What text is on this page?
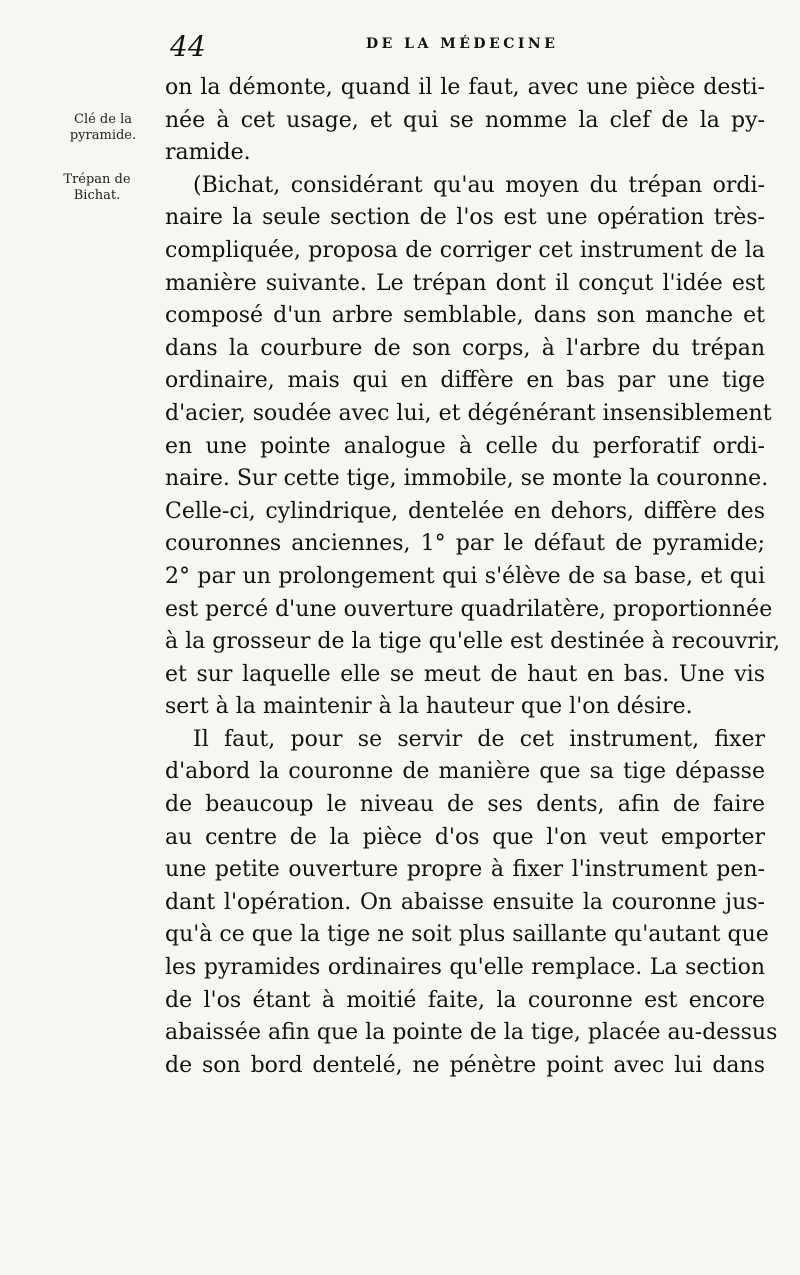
44	DE LA MÉDECINE
Clé de la pyramide.
Trépan de Bichat.
on la démonte, quand il le faut, avec une pièce desti-
née à cet usage, et qui se nomme la clef de la py-
ramide.
(Bichat, considérant qu'au moyen du trépan ordi-
naire la seule section de l'os est une opération très-
compliquée, proposa de corriger cet instrument de la
manière suivante. Le trépan dont il conçut l'idée est
composé d'un arbre semblable, dans son manche et
dans la courbure de son corps, à l'arbre du trépan
ordinaire, mais qui en diffère en bas par une tige
d'acier, soudée avec lui, et dégénérant insensiblement
en une pointe analogue à celle du perforatif ordi-
naire. Sur cette tige, immobile, se monte la couronne.
Celle-ci, cylindrique, dentelée en dehors, diffère des
couronnes anciennes, 1° par le défaut de pyramide;
2° par un prolongement qui s'élève de sa base, et qui
est percé d'une ouverture quadrilatère, proportionnée
à la grosseur de la tige qu'elle est destinée à recouvrir,
et sur laquelle elle se meut de haut en bas. Une vis
sert à la maintenir à la hauteur que l'on désire.
Il faut, pour se servir de cet instrument, fixer
d'abord la couronne de manière que sa tige dépasse
de beaucoup le niveau de ses dents, afin de faire
au centre de la pièce d'os que l'on veut emporter
une petite ouverture propre à fixer l'instrument pen-
dant l'opération. On abaisse ensuite la couronne jus-
qu'à ce que la tige ne soit plus saillante qu'autant que
les pyramides ordinaires qu'elle remplace. La section
de l'os étant à moitié faite, la couronne est encore
abaissée afin que la pointe de la tige, placée au-dessus
de son bord dentelé, ne pénètre point avec lui dans
